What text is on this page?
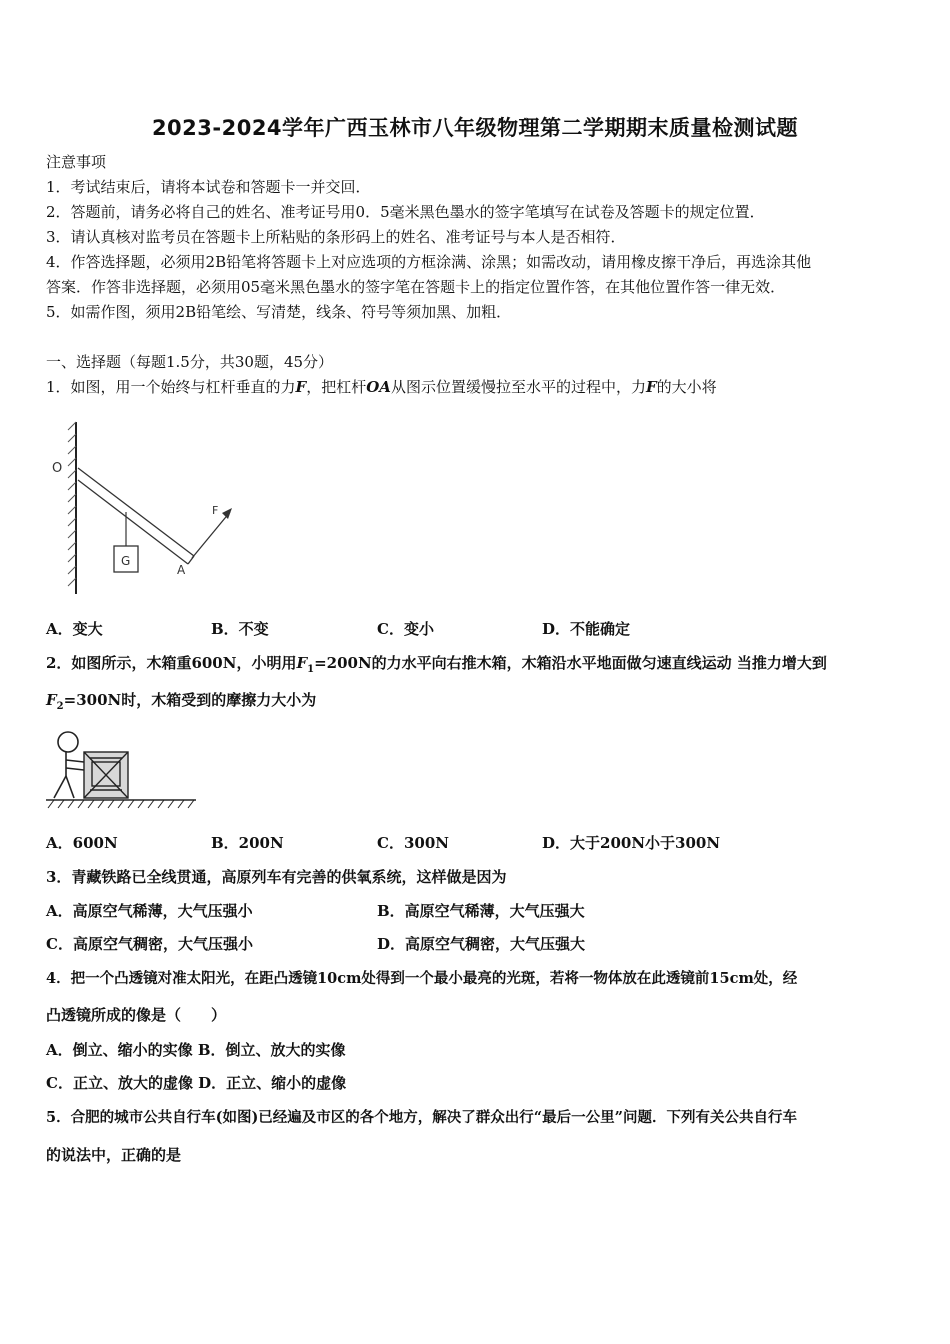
2023-2024学年广西玉林市八年级物理第二学期期末质量检测试题
注意事项
1．考试结束后，请将本试卷和答题卡一并交回．
2．答题前，请务必将自己的姓名、准考证号用0．5毫米黑色墨水的签字笔填写在试卷及答题卡的规定位置．
3．请认真核对监考员在答题卡上所粘贴的条形码上的姓名、准考证号与本人是否相符．
4．作答选择题，必须用2B铅笔将答题卡上对应选项的方框涂满、涂黑；如需改动，请用橡皮擦干净后，再选涂其他
答案．作答非选择题，必须用05毫米黑色墨水的签字笔在答题卡上的指定位置作答，在其他位置作答一律无效．
5．如需作图，须用2B铅笔绘、写清楚，线条、符号等须加黑、加粗．
一、选择题（每题1.5分，共30题，45分）
1．如图，用一个始终与杠杆垂直的力F，把杠杆OA从图示位置缓慢拉至水平的过程中，力F的大小将
O
G
A
F
A．变大	B．不变	C．变小	D．不能确定
2．如图所示，木箱重600N，小明用$F_1=200N$的力水平向右推木箱，木箱沿水平地面做匀速直线运动 当推力增大到
$F_2=300N$时，木箱受到的摩擦力大小为
A．600N	B．200N	C．300N	D．大于200N小于300N
3．青藏铁路已全线贯通，高原列车有完善的供氧系统，这样做是因为
A．高原空气稀薄，大气压强小	B．高原空气稀薄，大气压强大
C．高原空气稠密，大气压强小	D．高原空气稠密，大气压强大
4．把一个凸透镜对准太阳光，在距凸透镜10cm处得到一个最小最亮的光斑，若将一物体放在此透镜前15cm处，经
凸透镜所成的像是（　　）
A．倒立、缩小的实像 B．倒立、放大的实像
C．正立、放大的虚像 D．正立、缩小的虚像
5．合肥的城市公共自行车(如图)已经遍及市区的各个地方，解决了群众出行“最后一公里”问题．下列有关公共自行车
的说法中，正确的是
